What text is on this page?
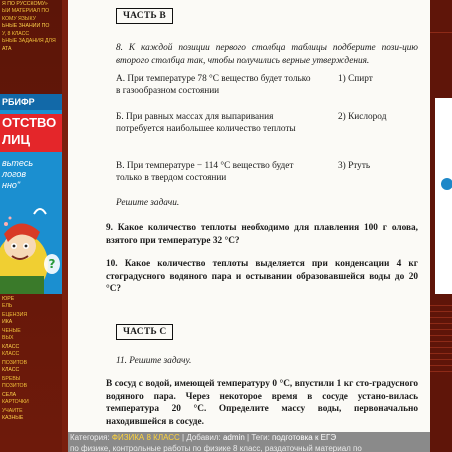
Я ПО РУССКОМУ»
ЫЙ МАТЕРИАЛ ПО
КОМУ ЯЗЫКУ
ЬНЫЕ ЗНАНИЙ ПО
У, 8 КЛАСС
ЬНЫЕ ЗАДАНИЯ ДЛЯ
АТА
РБИФР
ОТСТВО
ЛИЦ
вьтесь
логов
нно"
?
ЮРЕ
ЕЛЬ
ЕЦЕНЗИЯ
ИКА
ЧЕНЫЕ
ВЫХ
КЛАСС
КЛАСС
ПОЗИТОВ
КЛАСС
БРЕВЫ
ПОЗИТОВ
СЕЛА
КАРТОЧКИ
УЧАЙТЕ
КАЗНЫЕ
ЧАСТЬ В
8. К каждой позиции первого столбца таблицы подберите пози-цию второго столбца так, чтобы получились верные утверждения.
А. При температуре 78 °С вещество будет только в газообразном состоянии
1) Спирт
Б. При равных массах для выпаривания потребуется наибольшее количество теплоты
2) Кислород
В. При температуре − 114 °С вещество будет только в твердом состоянии
3) Ртуть
Решите задачи.
9. Какое количество теплоты необходимо для плавления 100 г олова, взятого при температуре 32 °С?
10. Какое количество теплоты выделяется при конденсации 4 кг стоградусного водяного пара и остывании образовавшейся воды до 20 °С?
ЧАСТЬ С
11. Решите задачу.
В сосуд с водой, имеющей температуру 0 °С, впустили 1 кг сто-градусного водяного пара. Через некоторое время в сосуде устано-вилась температура 20 °С. Определите массу воды, первоначально находившейся в сосуде.
Категория: ФИЗИКА 8 КЛАСС | Добавил: admin | Теги: подготовка к ЕГЭ
по физике, контрольные работы по физике 8 класс, раздаточный материал по
